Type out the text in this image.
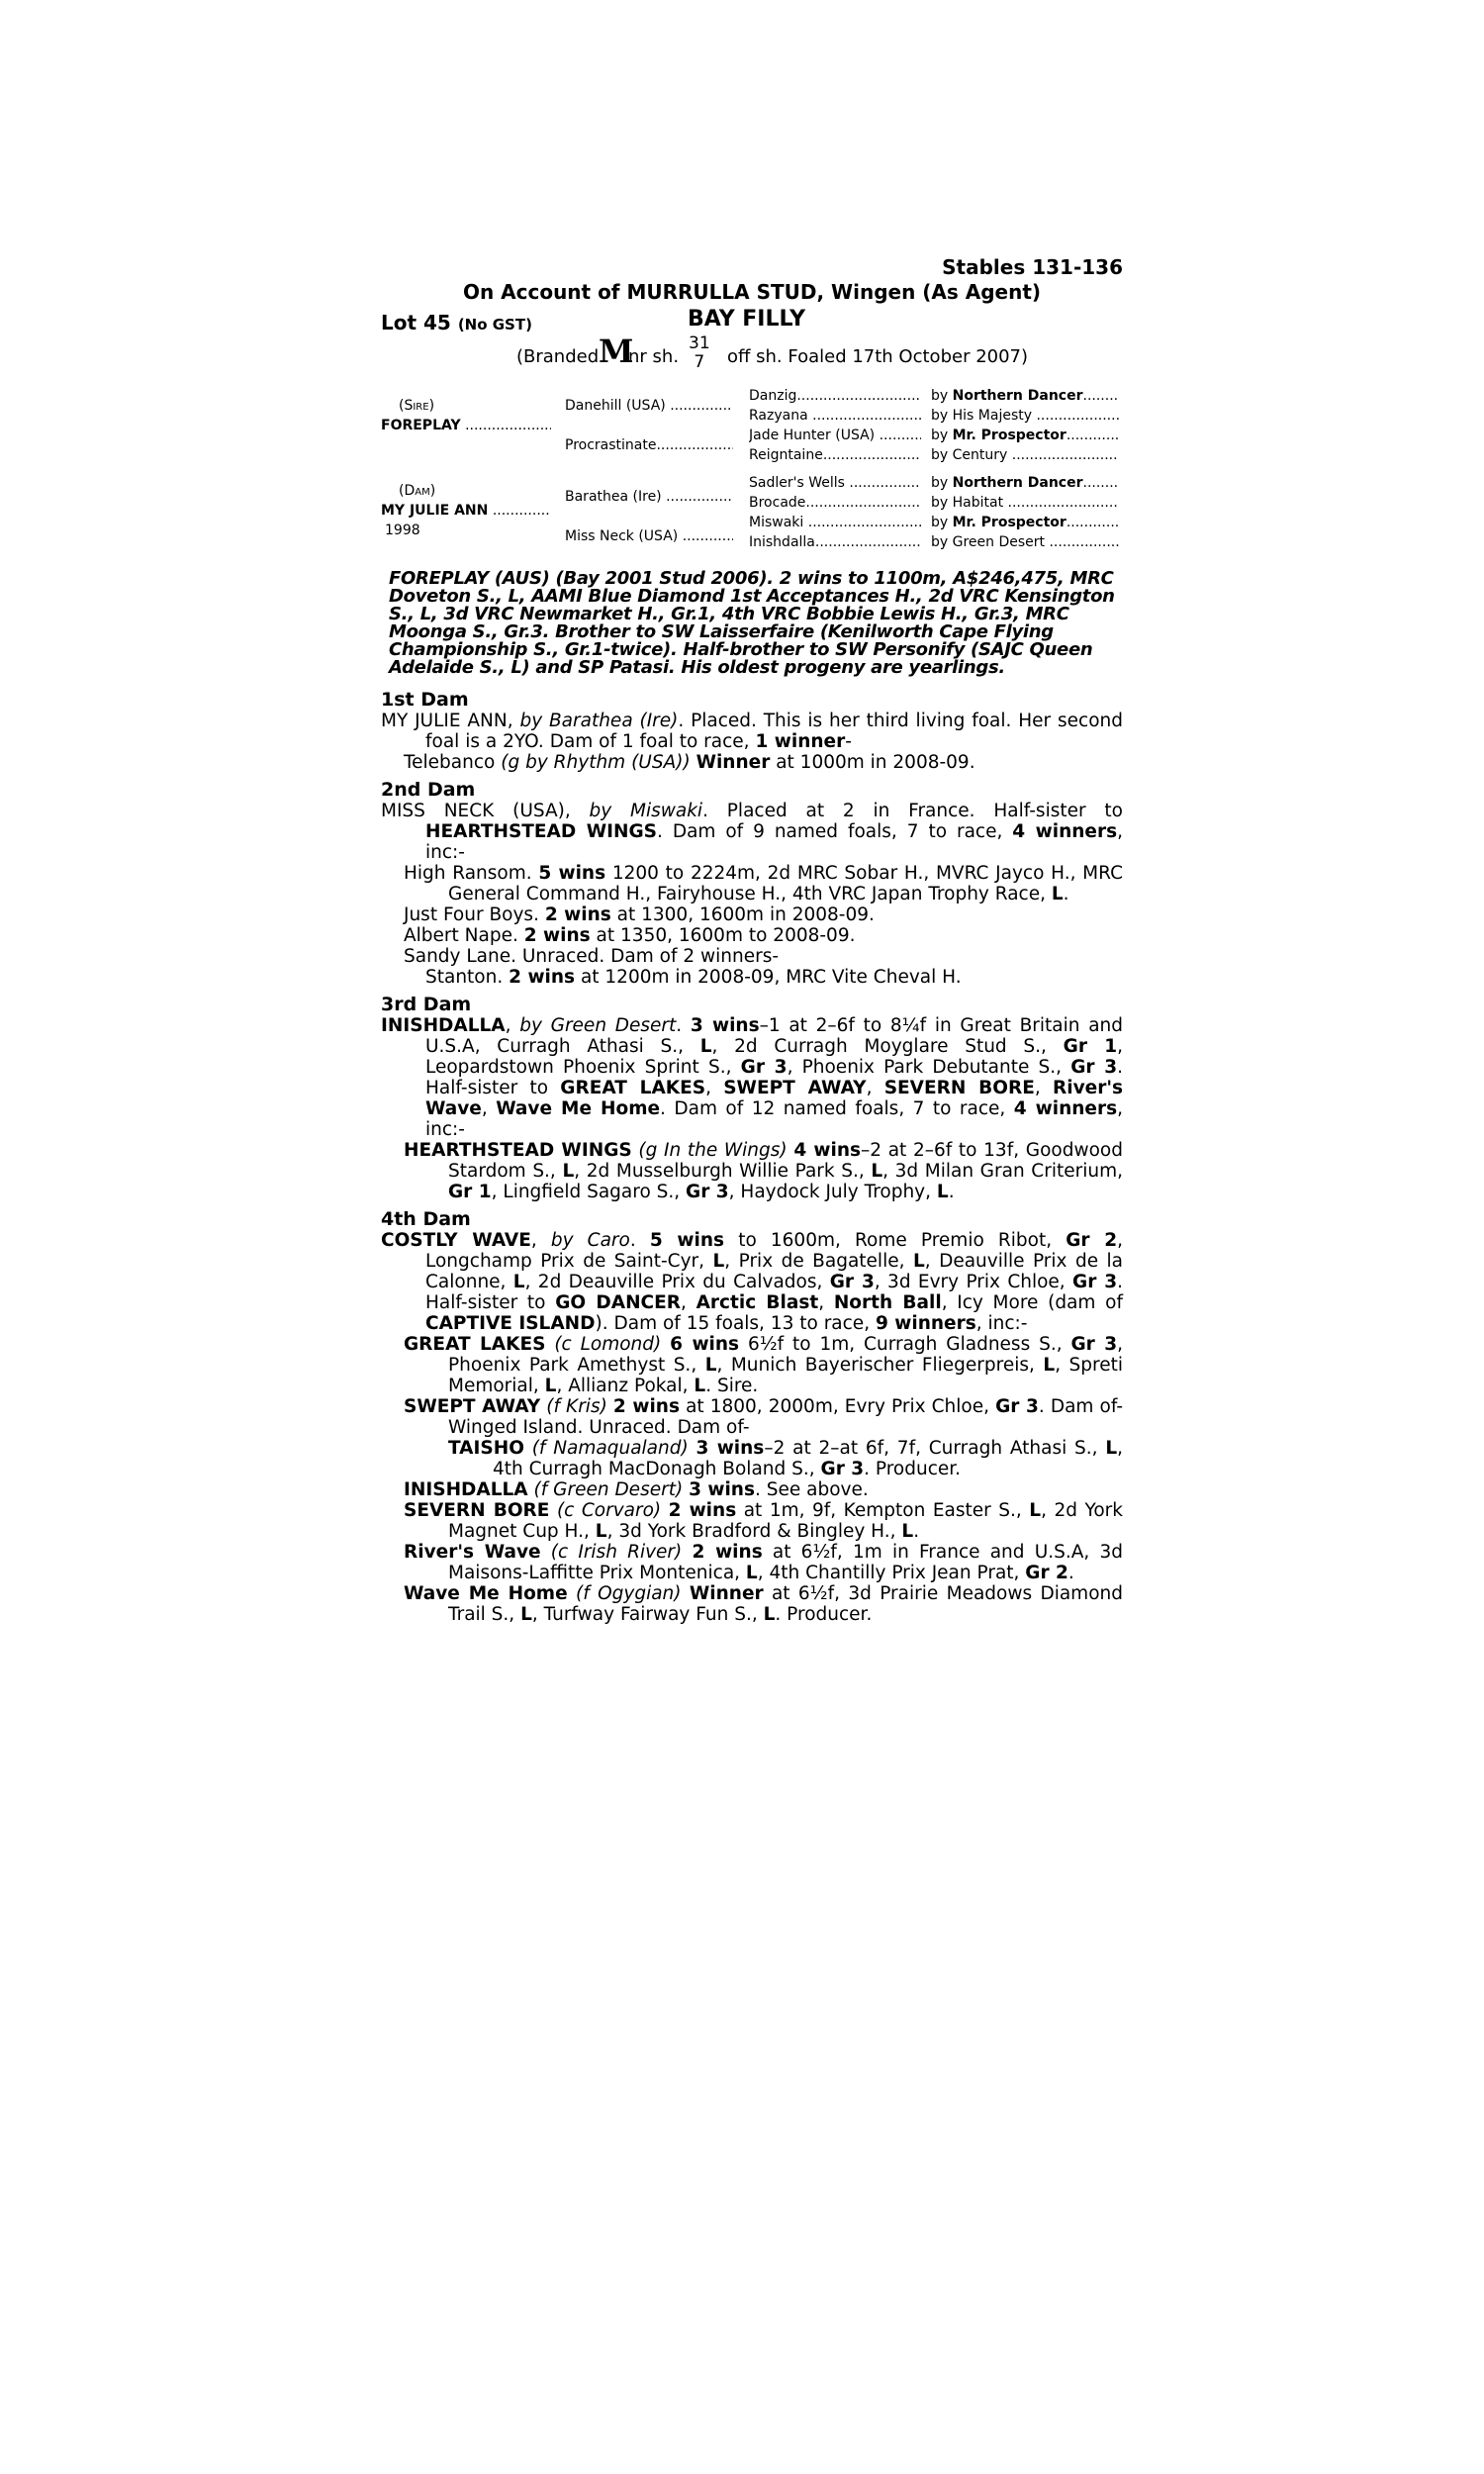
Stables 131-136
On Account of MURRULLA STUD, Wingen (As Agent)
Lot 45 (No GST)	BAY FILLY
(Branded M
nr sh.
31
7	off sh. Foaled 17th October 2007)
(Sire)
FOREPLAY .....
Danehill (USA) .....
Procrastinate .....
(Dam)
MY JULIE ANN .....
1998
Barathea (Ire) .....
Miss Neck (USA) .....
Danzig .....
Razyana .....
Jade Hunter (USA) .....
Reigntaine .....
Sadler's Wells .....
Brocade .....
Miswaki .....
Inishdalla .....
by Northern Dancer .....
by His Majesty .....
by Mr. Prospector .....
by Century .....
by Northern Dancer .....
by Habitat .....
by Mr. Prospector .....
by Green Desert .....
FOREPLAY (AUS) (Bay 2001 Stud 2006). 2 wins to 1100m, A$246,475, MRC Doveton S., L, AAMI Blue Diamond 1st Acceptances H., 2d VRC Kensington S., L, 3d VRC Newmarket H., Gr.1, 4th VRC Bobbie Lewis H., Gr.3, MRC Moonga S., Gr.3. Brother to SW Laisserfaire (Kenilworth Cape Flying Championship S., Gr.1-twice). Half-brother to SW Personify (SAJC Queen Adelaide S., L) and SP Patasi. His oldest progeny are yearlings.
1st Dam
MY JULIE ANN, by Barathea (Ire). Placed. This is her third living foal. Her second foal is a 2YO. Dam of 1 foal to race, 1 winner-
Telebanco (g by Rhythm (USA)) Winner at 1000m in 2008-09.
2nd Dam
MISS NECK (USA), by Miswaki. Placed at 2 in France. Half-sister to HEARTHSTEAD WINGS. Dam of 9 named foals, 7 to race, 4 winners, inc:-
High Ransom. 5 wins 1200 to 2224m, 2d MRC Sobar H., MVRC Jayco H., MRC General Command H., Fairyhouse H., 4th VRC Japan Trophy Race, L.
Just Four Boys. 2 wins at 1300, 1600m in 2008-09.
Albert Nape. 2 wins at 1350, 1600m to 2008-09.
Sandy Lane. Unraced. Dam of 2 winners-
Stanton. 2 wins at 1200m in 2008-09, MRC Vite Cheval H.
3rd Dam
INISHDALLA, by Green Desert. 3 wins–1 at 2–6f to 8¼f in Great Britain and U.S.A, Curragh Athasi S., L, 2d Curragh Moyglare Stud S., Gr 1, Leopardstown Phoenix Sprint S., Gr 3, Phoenix Park Debutante S., Gr 3. Half-sister to GREAT LAKES, SWEPT AWAY, SEVERN BORE, River's Wave, Wave Me Home. Dam of 12 named foals, 7 to race, 4 winners, inc:-
HEARTHSTEAD WINGS (g In the Wings) 4 wins–2 at 2–6f to 13f, Goodwood Stardom S., L, 2d Musselburgh Willie Park S., L, 3d Milan Gran Criterium, Gr 1, Lingfield Sagaro S., Gr 3, Haydock July Trophy, L.
4th Dam
COSTLY WAVE, by Caro. 5 wins to 1600m, Rome Premio Ribot, Gr 2, Longchamp Prix de Saint-Cyr, L, Prix de Bagatelle, L, Deauville Prix de la Calonne, L, 2d Deauville Prix du Calvados, Gr 3, 3d Evry Prix Chloe, Gr 3. Half-sister to GO DANCER, Arctic Blast, North Ball, Icy More (dam of CAPTIVE ISLAND). Dam of 15 foals, 13 to race, 9 winners, inc:-
GREAT LAKES (c Lomond) 6 wins 6½f to 1m, Curragh Gladness S., Gr 3, Phoenix Park Amethyst S., L, Munich Bayerischer Fliegerpreis, L, Spreti Memorial, L, Allianz Pokal, L. Sire.
SWEPT AWAY (f Kris) 2 wins at 1800, 2000m, Evry Prix Chloe, Gr 3. Dam of-Winged Island. Unraced. Dam of-
TAISHO (f Namaqualand) 3 wins–2 at 2–at 6f, 7f, Curragh Athasi S., L, 4th Curragh MacDonagh Boland S., Gr 3. Producer.
INISHDALLA (f Green Desert) 3 wins. See above.
SEVERN BORE (c Corvaro) 2 wins at 1m, 9f, Kempton Easter S., L, 2d York Magnet Cup H., L, 3d York Bradford & Bingley H., L.
River's Wave (c Irish River) 2 wins at 6½f, 1m in France and U.S.A, 3d Maisons-Laffitte Prix Montenica, L, 4th Chantilly Prix Jean Prat, Gr 2.
Wave Me Home (f Ogygian) Winner at 6½f, 3d Prairie Meadows Diamond Trail S., L, Turfway Fairway Fun S., L. Producer.
